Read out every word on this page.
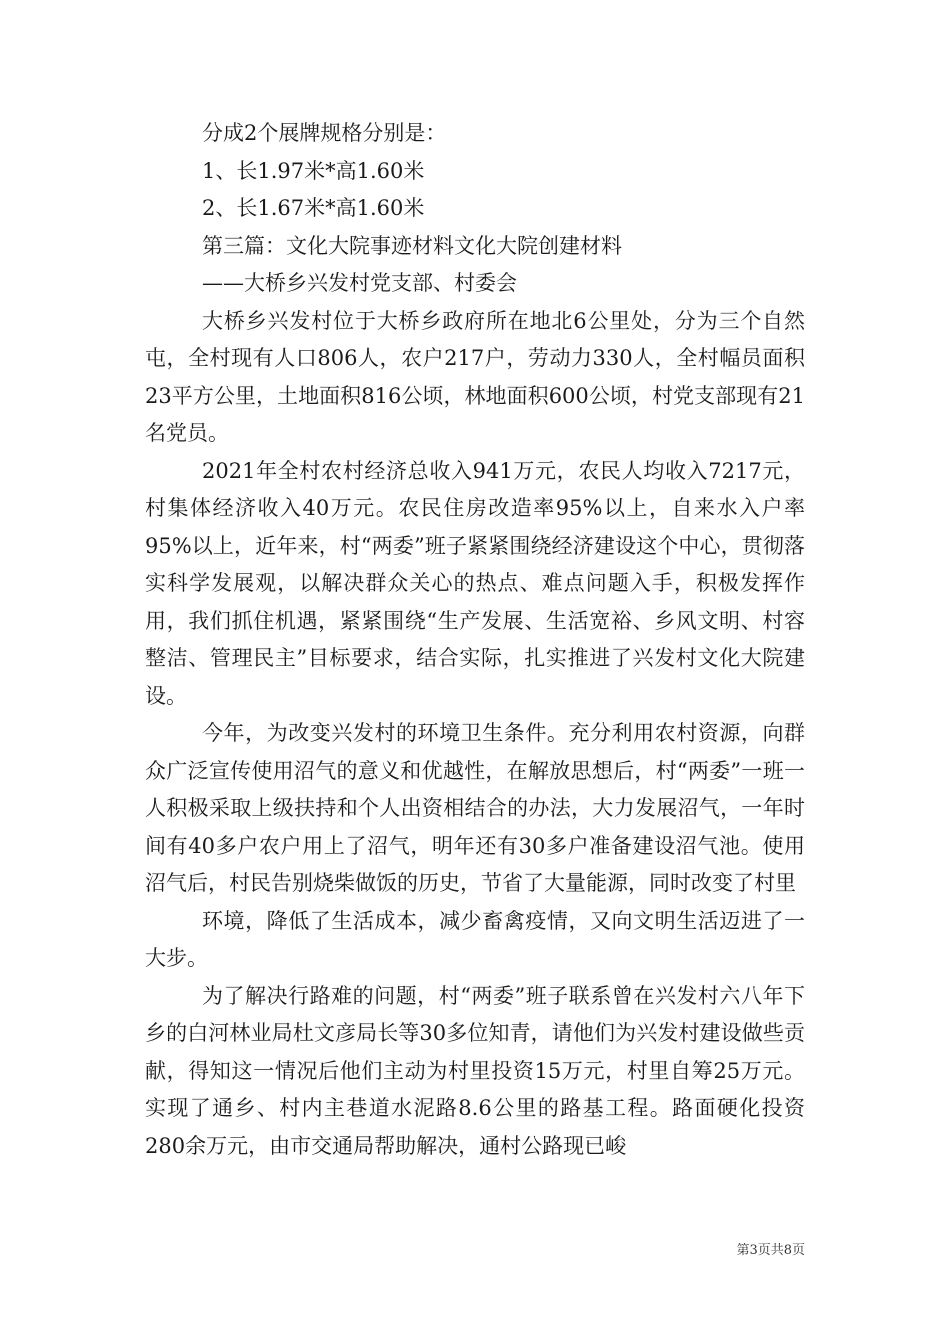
分成2个展牌规格分别是：

1、长1.97米*高1.60米

2、长1.67米*高1.60米

第三篇：文化大院事迹材料文化大院创建材料

——大桥乡兴发村党支部、村委会

大桥乡兴发村位于大桥乡政府所在地北6公里处，分为三个自然屯，全村现有人口806人，农户217户，劳动力330人，全村幅员面积23平方公里，土地面积816公顷，林地面积600公顷，村党支部现有21名党员。

2021年全村农村经济总收入941万元，农民人均收入7217元，村集体经济收入40万元。农民住房改造率95%以上，自来水入户率95%以上，近年来，村“两委”班子紧紧围绕经济建设这个中心，贯彻落实科学发展观，以解决群众关心的热点、难点问题入手，积极发挥作用，我们抓住机遇，紧紧围绕“生产发展、生活宽裕、乡风文明、村容整洁、管理民主”目标要求，结合实际，扎实推进了兴发村文化大院建设。

今年，为改变兴发村的环境卫生条件。充分利用农村资源，向群众广泛宣传使用沼气的意义和优越性，在解放思想后，村“两委”一班一人积极采取上级扶持和个人出资相结合的办法，大力发展沼气，一年时间有40多户农户用上了沼气，明年还有30多户准备建设沼气池。使用沼气后，村民告别烧柴做饭的历史，节省了大量能源，同时改变了村里

环境，降低了生活成本，减少畜禽疫情，又向文明生活迈进了一大步。

为了解决行路难的问题，村“两委”班子联系曾在兴发村六八年下乡的白河林业局杜文彦局长等30多位知青，请他们为兴发村建设做些贡献，得知这一情况后他们主动为村里投资15万元，村里自筹25万元。实现了通乡、村内主巷道水泥路8.6公里的路基工程。路面硬化投资280余万元，由市交通局帮助解决，通村公路现已峻

第3页共8页
